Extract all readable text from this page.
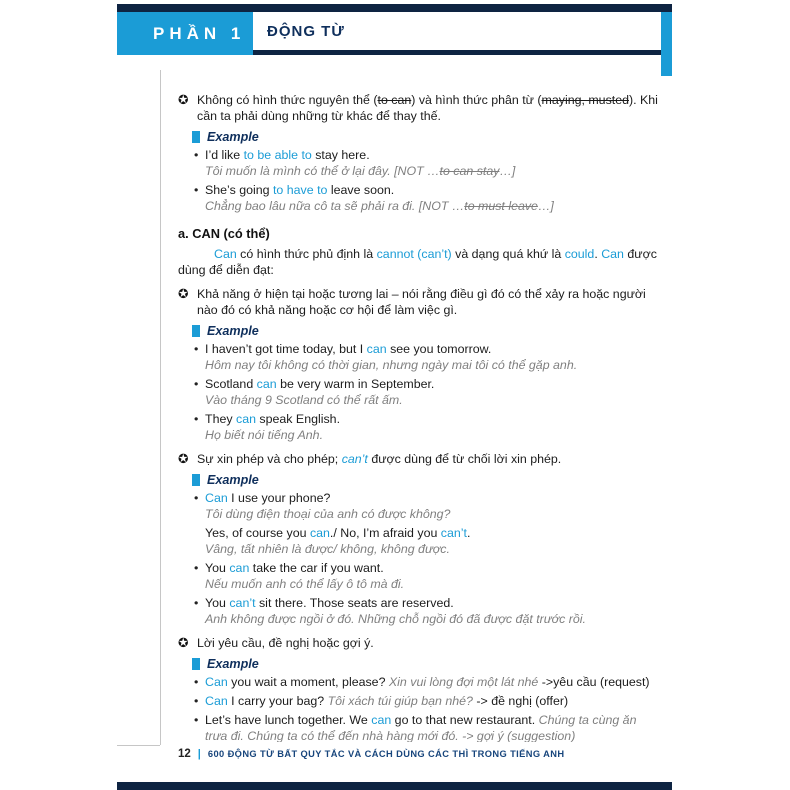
PHẦN 1 ĐỘNG TỪ
✪ Không có hình thức nguyên thể (to can) và hình thức phân từ (maying, musted). Khi cần ta phải dùng những từ khác để thay thế.
Example
• I’d like to be able to stay here.
Tôi muốn là mình có thể ở lại đây. [NOT …to can stay…]
• She’s going to have to leave soon.
Chẳng bao lâu nữa cô ta sẽ phải ra đi. [NOT …to must leave…]
a. CAN (có thể)
Can có hình thức phủ định là cannot (can’t) và dạng quá khứ là could. Can được dùng để diễn đạt:
✪ Khả năng ở hiện tại hoặc tương lai – nói rằng điều gì đó có thể xảy ra hoặc người nào đó có khả năng hoặc cơ hội để làm việc gì.
Example
• I haven’t got time today, but I can see you tomorrow.
Hôm nay tôi không có thời gian, nhưng ngày mai tôi có thể gặp anh.
• Scotland can be very warm in September.
Vào tháng 9 Scotland có thể rất ấm.
• They can speak English.
Họ biết nói tiếng Anh.
✪ Sự xin phép và cho phép; can’t được dùng để từ chối lời xin phép.
Example
• Can I use your phone?
Tôi dùng điện thoại của anh có được không?
Yes, of course you can./ No, I’m afraid you can’t.
Vâng, tất nhiên là được/ không, không được.
• You can take the car if you want.
Nếu muốn anh có thể lấy ô tô mà đi.
• You can’t sit there. Those seats are reserved.
Anh không được ngồi ở đó. Những chỗ ngồi đó đã được đặt trước rồi.
✪ Lời yêu cầu, đề nghị hoặc gợi ý.
Example
• Can you wait a moment, please? Xin vui lòng đợi một lát nhé ->yêu cầu (request)
• Can I carry your bag? Tôi xách túi giúp bạn nhé? -> đề nghị (offer)
• Let’s have lunch together. We can go to that new restaurant. Chúng ta cùng ăn trưa đi. Chúng ta có thể đến nhà hàng mới đó. -> gợi ý (suggestion)
12 | 600 ĐỘNG TỪ BẤT QUY TẮC VÀ CÁCH DÙNG CÁC THÌ TRONG TIẾNG ANH
